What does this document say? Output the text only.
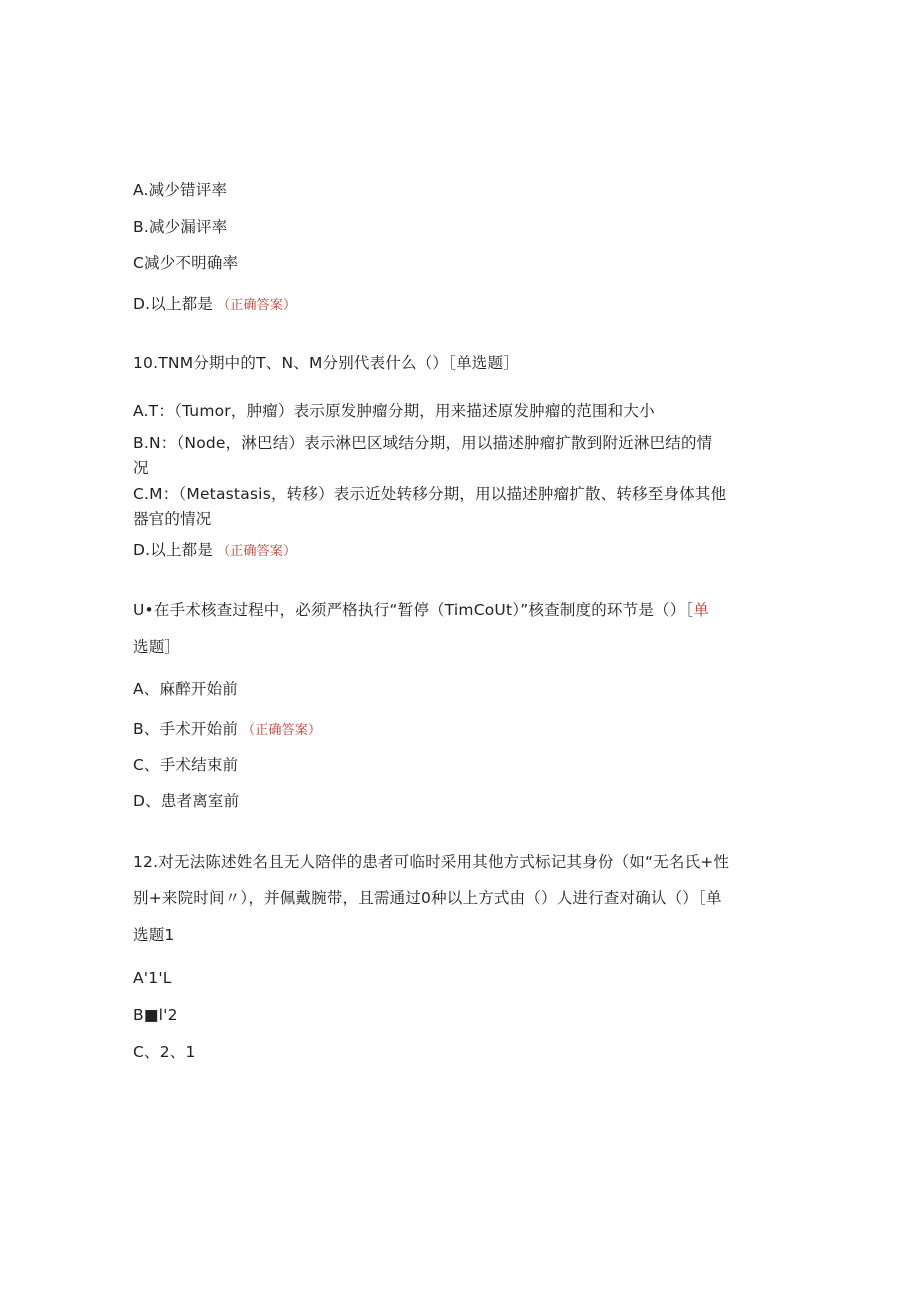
A.减少错评率
B.减少漏评率
C减少不明确率
D.以上都是 （正确答案）
10.TNM分期中的T、N、M分别代表什么（）［单选题］
A.T：（Tumor，肿瘤）表示原发肿瘤分期，用来描述原发肿瘤的范围和大小
B.N：（Node，淋巴结）表示淋巴区域结分期，用以描述肿瘤扩散到附近淋巴结的情
况
C.M：（Metastasis，转移）表示近处转移分期，用以描述肿瘤扩散、转移至身体其他
器官的情况
D.以上都是 （正确答案）
U•在手术核查过程中，必须严格执行“暂停（TimCoUt）”核查制度的环节是（）［单
选题］
A、麻醉开始前
B、手术开始前 （正确答案）
C、手术结束前
D、患者离室前
12.对无法陈述姓名且无人陪伴的患者可临时采用其他方式标记其身份（如“无名氏+性
别+来院时间〃），并佩戴腕带，且需通过0种以上方式由（）人进行查对确认（）［单
选题1
A'1'L
B■l'2
C、2、1
